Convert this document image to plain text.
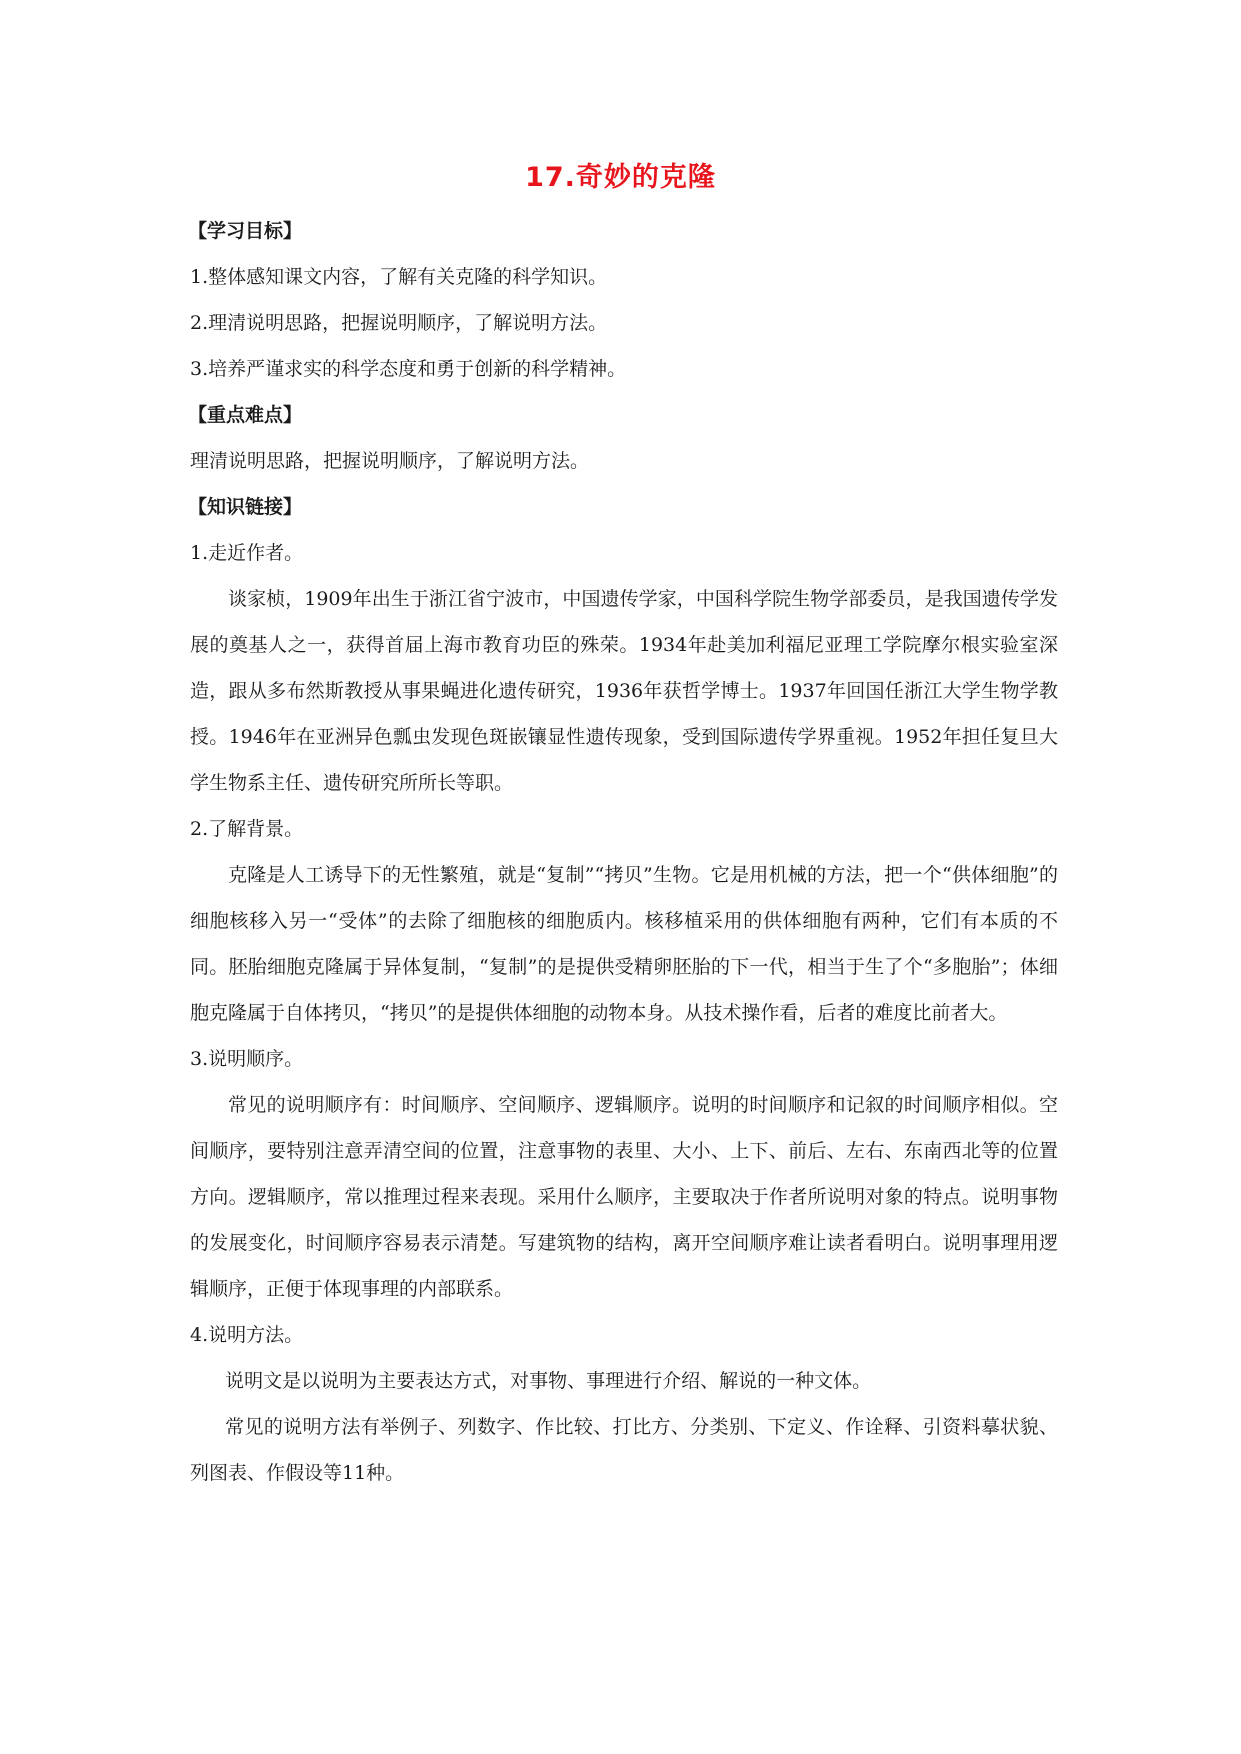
17.奇妙的克隆
【学习目标】
1.整体感知课文内容，了解有关克隆的科学知识。
2.理清说明思路，把握说明顺序，了解说明方法。
3.培养严谨求实的科学态度和勇于创新的科学精神。
【重点难点】
理清说明思路，把握说明顺序，了解说明方法。
【知识链接】
1.走近作者。

谈家桢，1909年出生于浙江省宁波市，中国遗传学家，中国科学院生物学部委员，是我国遗传学发展的奠基人之一，获得首届上海市教育功臣的殊荣。1934年赴美加利福尼亚理工学院摩尔根实验室深造，跟从多布然斯教授从事果蝇进化遗传研究，1936年获哲学博士。1937年回国任浙江大学生物学教授。1946年在亚洲异色瓢虫发现色斑嵌镶显性遗传现象，受到国际遗传学界重视。1952年担任复旦大学生物系主任、遗传研究所所长等职。

2.了解背景。

克隆是人工诱导下的无性繁殖，就是“复制”“拷贝”生物。它是用机械的方法，把一个“供体细胞”的细胞核移入另一“受体”的去除了细胞核的细胞质内。核移植采用的供体细胞有两种，它们有本质的不同。胚胎细胞克隆属于异体复制，“复制”的是提供受精卵胚胎的下一代，相当于生了个“多胞胎”；体细胞克隆属于自体拷贝，“拷贝”的是提供体细胞的动物本身。从技术操作看，后者的难度比前者大。

3.说明顺序。

常见的说明顺序有：时间顺序、空间顺序、逻辑顺序。说明的时间顺序和记叙的时间顺序相似。空间顺序，要特别注意弄清空间的位置，注意事物的表里、大小、上下、前后、左右、东南西北等的位置方向。逻辑顺序，常以推理过程来表现。采用什么顺序，主要取决于作者所说明对象的特点。说明事物的发展变化，时间顺序容易表示清楚。写建筑物的结构，离开空间顺序难让读者看明白。说明事理用逻辑顺序，正便于体现事理的内部联系。

4.说明方法。

说明文是以说明为主要表达方式，对事物、事理进行介绍、解说的一种文体。

常见的说明方法有举例子、列数字、作比较、打比方、分类别、下定义、作诠释、引资料摹状貌、列图表、作假设等11种。
